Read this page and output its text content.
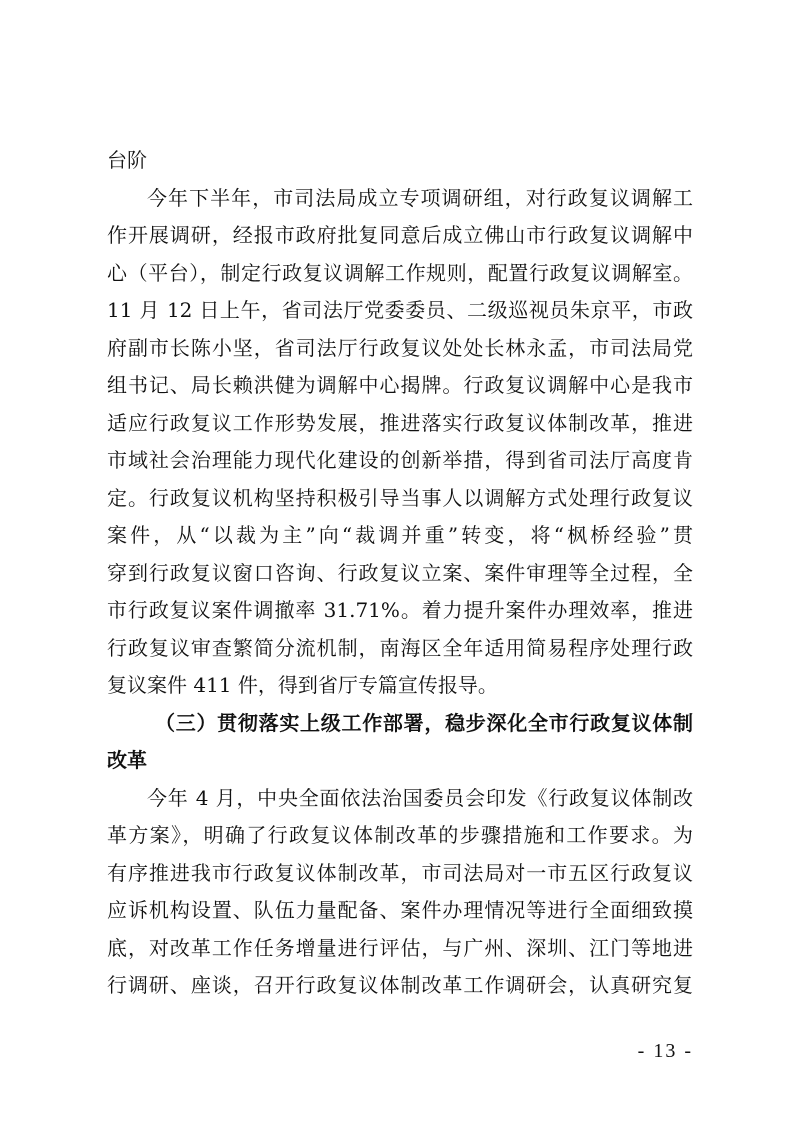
台阶
今年下半年，市司法局成立专项调研组，对行政复议调解工
作开展调研，经报市政府批复同意后成立佛山市行政复议调解中
心（平台），制定行政复议调解工作规则，配置行政复议调解室。
11 月 12 日上午，省司法厅党委委员、二级巡视员朱京平，市政
府副市长陈小坚，省司法厅行政复议处处长林永孟，市司法局党
组书记、局长赖洪健为调解中心揭牌。行政复议调解中心是我市
适应行政复议工作形势发展，推进落实行政复议体制改革，推进
市域社会治理能力现代化建设的创新举措，得到省司法厅高度肯
定。行政复议机构坚持积极引导当事人以调解方式处理行政复议
案件，从“以裁为主”向“裁调并重”转变，将“枫桥经验”贯
穿到行政复议窗口咨询、行政复议立案、案件审理等全过程，全
市行政复议案件调撤率 31.71%。着力提升案件办理效率，推进
行政复议审查繁简分流机制，南海区全年适用简易程序处理行政
复议案件 411 件，得到省厅专篇宣传报导。
（三）贯彻落实上级工作部署，稳步深化全市行政复议体制
改革
今年 4 月，中央全面依法治国委员会印发《行政复议体制改
革方案》，明确了行政复议体制改革的步骤措施和工作要求。为
有序推进我市行政复议体制改革，市司法局对一市五区行政复议
应诉机构设置、队伍力量配备、案件办理情况等进行全面细致摸
底，对改革工作任务增量进行评估，与广州、深圳、江门等地进
行调研、座谈，召开行政复议体制改革工作调研会，认真研究复
- 13 -
